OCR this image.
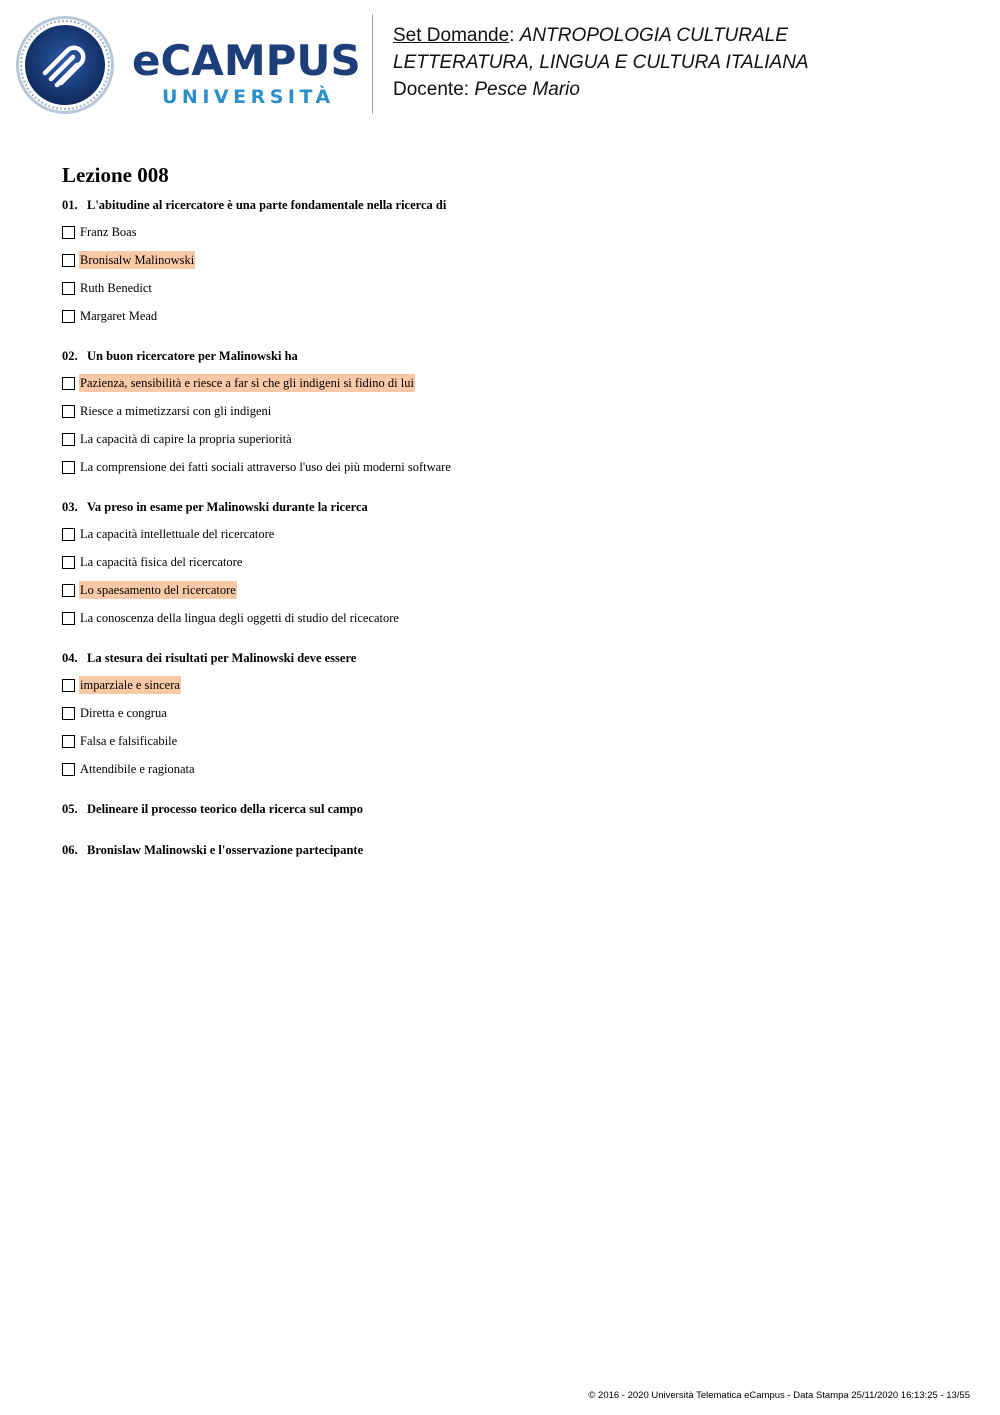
eCAMPUS
UNIVERSITÀ
Set Domande: ANTROPOLOGIA CULTURALE
LETTERATURA, LINGUA E CULTURA ITALIANA
Docente: Pesce Mario
Lezione 008
01. L'abitudine al ricercatore è una parte fondamentale nella ricerca di
Franz Boas
Bronisalw Malinowski
Ruth Benedict
Margaret Mead
02. Un buon ricercatore per Malinowski ha
Pazienza, sensibilità e riesce a far sì che gli indigeni si fidino di lui
Riesce a mimetizzarsi con gli indigeni
La capacità di capire la propria superiorità
La comprensione dei fatti sociali attraverso l'uso dei più moderni software
03. Va preso in esame per Malinowski durante la ricerca
La capacità intellettuale del ricercatore
La capacità fisica del ricercatore
Lo spaesamento del ricercatore
La conoscenza della lingua degli oggetti di studio del ricecatore
04. La stesura dei risultati per Malinowski deve essere
imparziale e sincera
Diretta e congrua
Falsa e falsificabile
Attendibile e ragionata
05. Delineare il processo teorico della ricerca sul campo
06. Bronislaw Malinowski e l'osservazione partecipante
© 2016 - 2020 Università Telematica eCampus - Data Stampa 25/11/2020 16:13:25 - 13/55
